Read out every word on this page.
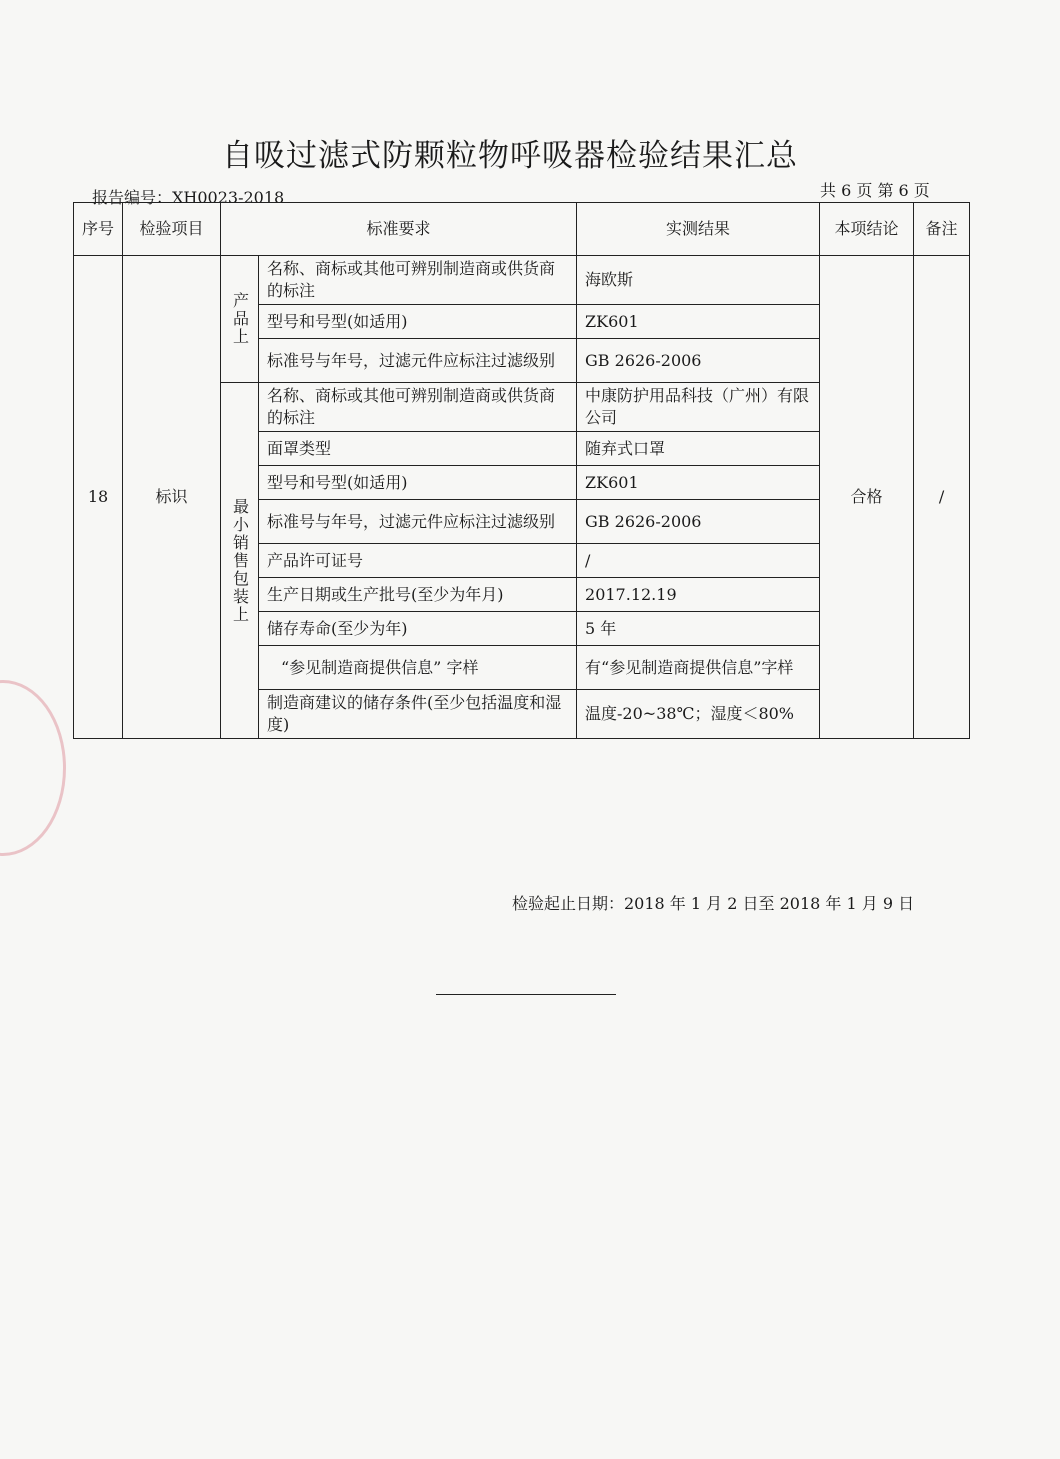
自吸过滤式防颗粒物呼吸器检验结果汇总
报告编号：XH0023-2018	共 6 页 第 6 页
序号	检验项目	标准要求		实测结果	本项结论	备注
18	标识	产品上	名称、商标或其他可辨别制造商或供货商的标注	海欧斯	合格	/
			型号和号型(如适用)	ZK601		
			标准号与年号，过滤元件应标注过滤级别	GB 2626-2006		
		最小销售包装上	名称、商标或其他可辨别制造商或供货商的标注	中康防护用品科技（广州）有限公司		
			面罩类型	随弃式口罩		
			型号和号型(如适用)	ZK601		
			标准号与年号，过滤元件应标注过滤级别	GB 2626-2006		
			产品许可证号	/		
			生产日期或生产批号(至少为年月)	2017.12.19		
			储存寿命(至少为年)	5 年		
			“参见制造商提供信息” 字样	有“参见制造商提供信息”字样		
			制造商建议的储存条件(至少包括温度和湿度)	温度-20~38℃；湿度＜80%		
检验起止日期：2018 年 1 月 2 日至 2018 年 1 月 9 日
